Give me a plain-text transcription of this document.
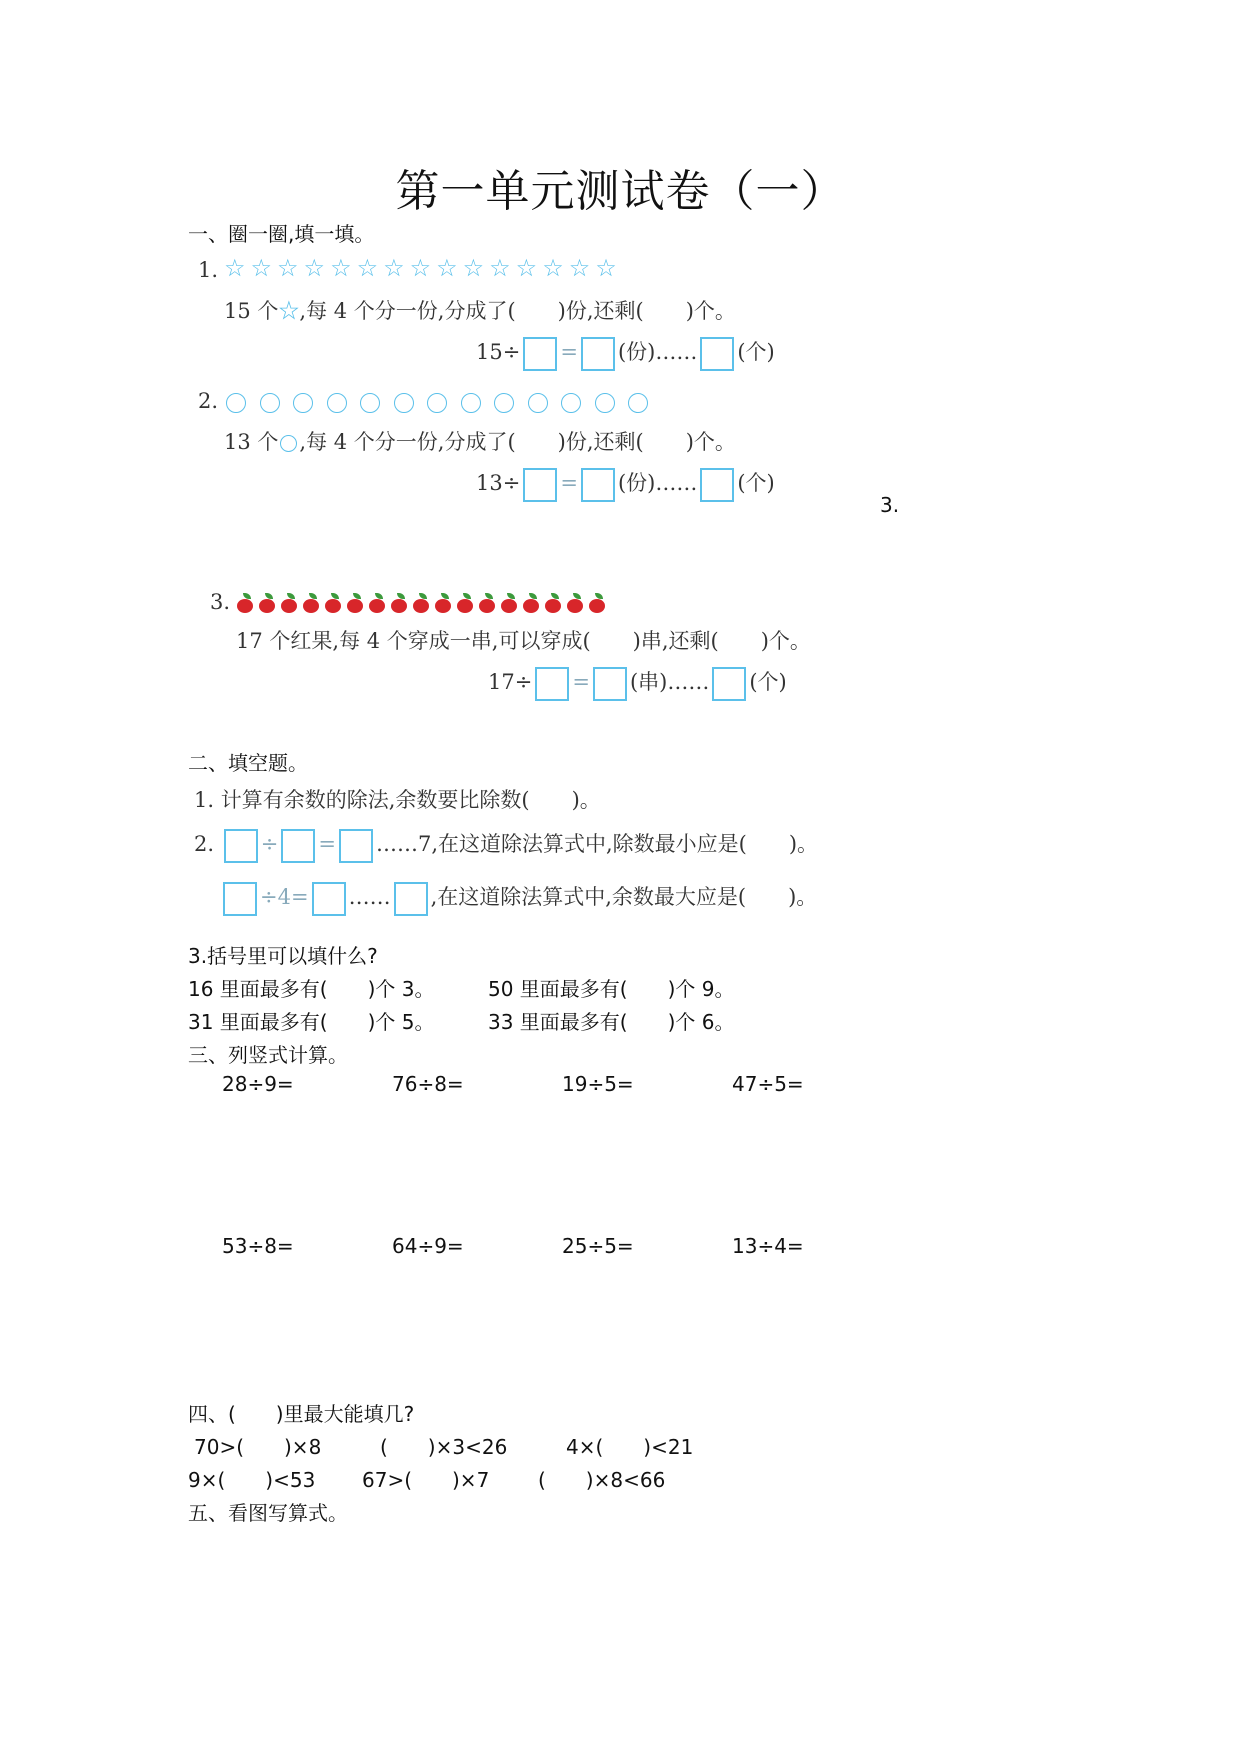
第一单元测试卷（一）
一、圈一圈,填一填。
1. ☆☆☆☆☆☆☆☆☆☆☆☆☆☆☆
15 个☆,每 4 个分一份,分成了(　　)份,还剩(　　)个。
15÷ = (份)…… (个)
2.
13 个 ,每 4 个分一份,分成了(　　)份,还剩(　　)个。
13÷ = (份)…… (个)
3.
3.
17 个红果,每 4 个穿成一串,可以穿成(　　)串,还剩(　　)个。
17÷ = (串)…… (个)
二、填空题。
1. 计算有余数的除法,余数要比除数(　　)。
2. ÷ = ……7,在这道除法算式中,除数最小应是(　　)。
÷4= …… ,在这道除法算式中,余数最大应是(　　)。
3.括号里可以填什么?
16 里面最多有(　　)个 3。	50 里面最多有(　　)个 9。
31 里面最多有(　　)个 5。	33 里面最多有(　　)个 6。
三、列竖式计算。
28÷9=	76÷8=	19÷5=	47÷5=
53÷8=	64÷9=	25÷5=	13÷4=
四、(　　)里最大能填几?
70>(　　)×8	(　　)×3<26	4×(　　)<21
9×(　　)<53 67>(　　)×7 (　　)×8<66
五、看图写算式。
